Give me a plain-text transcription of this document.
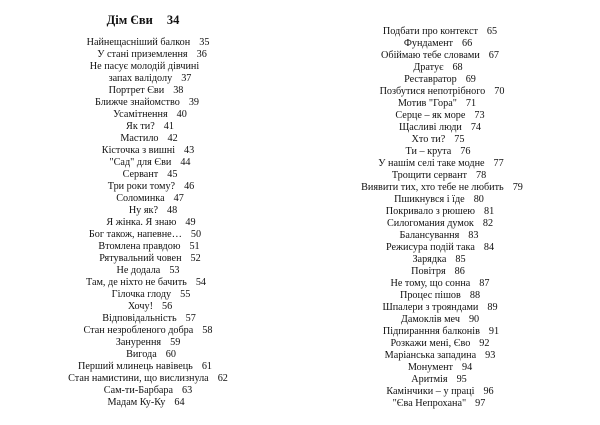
Дім Єви 34
Найнещасніший балкон 35
У стані приземлення 36
Не пасує молодій дівчині
запах валідолу 37
Портрет Єви 38
Ближче знайомство 39
Усамітнення 40
Як ти? 41
Мастило 42
Кісточка з вишні 43
"Сад" для Єви 44
Сервант 45
Три роки тому? 46
Соломинка 47
Ну як? 48
Я жінка. Я знаю 49
Бог також, напевне… 50
Втомлена правдою 51
Рятувальний човен 52
Не додала 53
Там, де ніхто не бачить 54
Гілочка глоду 55
Хочу! 56
Відповідальність 57
Стан незробленого добра 58
Занурення 59
Вигода 60
Перший млинець навівець 61
Стан намистини, що вислизнула 62
Сам-ти-Барбара 63
Мадам Ку-Ку 64
Подбати про контекст 65
Фундамент 66
Обіймаю тебе словами 67
Дратує 68
Реставратор 69
Позбутися непотрібного 70
Мотив "Гора" 71
Серце – як море 73
Щасливі люди 74
Хто ти? 75
Ти – крута 76
У нашім селі таке модне 77
Трощити сервант 78
Виявити тих, хто тебе не любить 79
Пшикнувся і їде 80
Покривало з рюшею 81
Силогомания думок 82
Балансування 83
Режисура подій така 84
Зарядка 85
Повітря 86
Не тому, що сонна 87
Процес пішов 88
Шпалери з трояндами 89
Дамоклів меч 90
Підпиранння балконів 91
Розкажи мені, Єво 92
Маріанська западина 93
Монумент 94
Аритмія 95
Камінчики – у праці 96
"Єва Непрохана" 97
